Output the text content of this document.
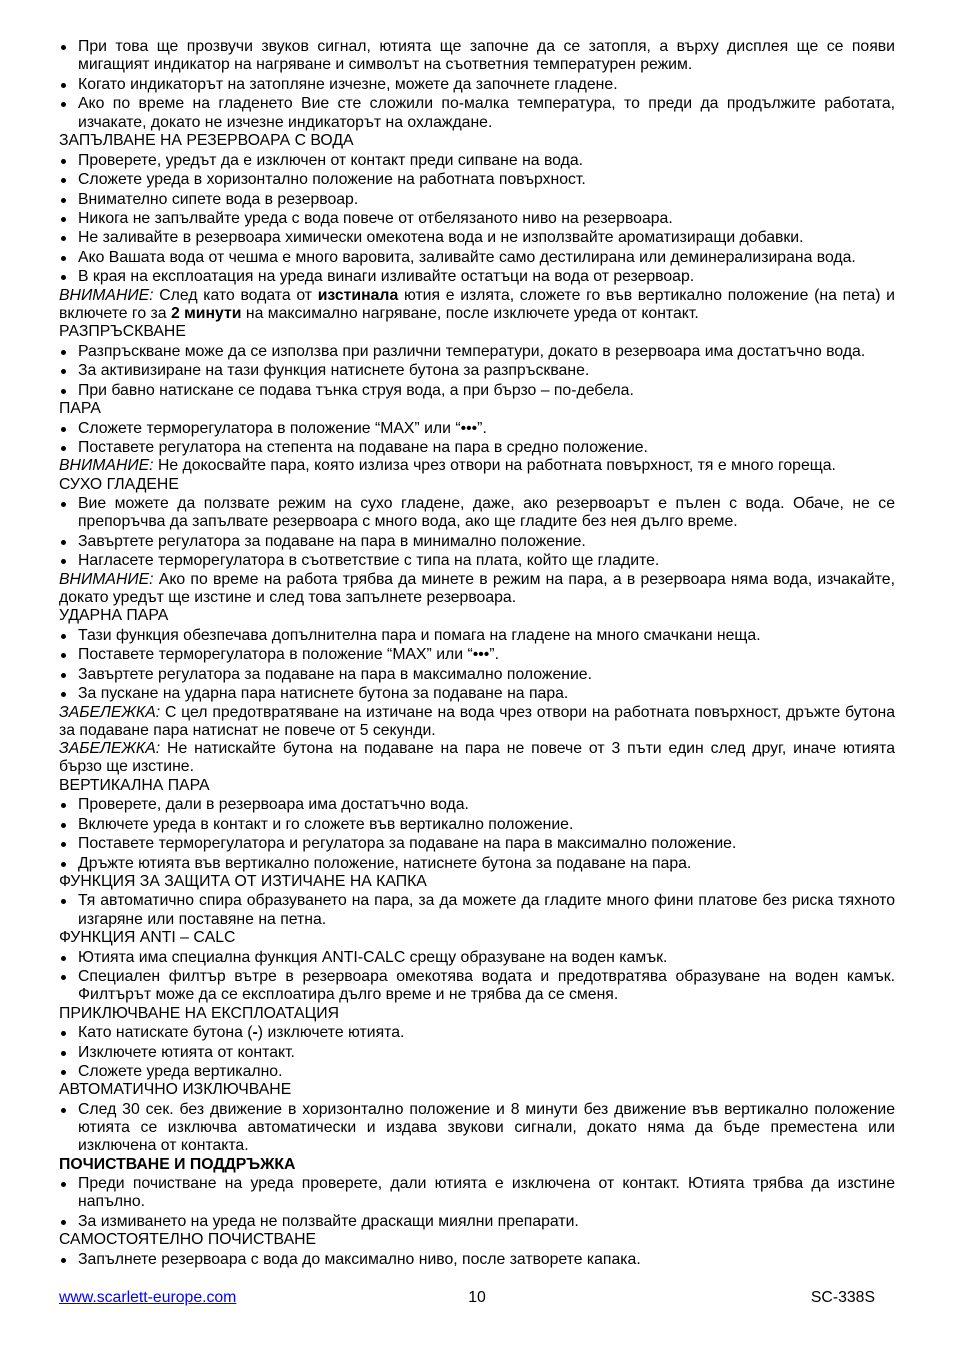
При това ще прозвучи звуков сигнал, ютията ще започне да се затопля, а върху дисплея ще се появи мигащият индикатор на нагряване и символът на съответния температурен режим.
Когато индикаторът на затопляне изчезне, можете да започнете гладене.
Ако по време на гладенето Вие сте сложили по-малка температура, то преди да продължите работата, изчакате, докато не изчезне индикаторът на охлаждане.
ЗАПЪЛВАНЕ НА РЕЗЕРВОАРА С ВОДА
Проверете, уредът да е изключен от контакт преди сипване на вода.
Сложете уреда в хоризонтално положение на работната повърхност.
Внимателно сипете вода в резервоар.
Никога не запълвайте уреда с вода повече от отбелязаното ниво на резервоара.
Не заливайте в резервоара химически омекотена вода и не използвайте ароматизиращи добавки.
Ако Вашата вода от чешма е много варовита, заливайте само дестилирана или деминерализирана вода.
В края на експлоатация на уреда винаги изливайте остатъци на вода от резервоар.

ВНИМАНИЕ: След като водата от изстинала ютия е излята, сложете го във вертикално положение (на пета) и включете го за 2 минути на максимално нагряване, после изключете уреда от контакт.

РАЗПРЪСКВАНЕ
Разпръскване може да се използва при различни температури, докато в резервоара има достатъчно вода.
За активизиране на тази функция натиснете бутона за разпръскване.
При бавно натискане се подава тънка струя вода, а при бързо – по-дебела.
ПАРА
Сложете терморегулатора в положение “MAX” или “•••”.
Поставете регулатора на степента на подаване на пара в средно положение.

ВНИМАНИЕ: Не докосвайте пара, която излиза чрез отвори на работната повърхност, тя е много гореща.

СУХО ГЛАДЕНЕ
Вие можете да ползвате режим на сухо гладене, даже, ако резервоарът е пълен с вода. Обаче, не се препоръчва да запълвате резервоара с много вода, ако ще гладите без нея дълго време.
Завъртете регулатора за подаване на пара в минимално положение.
Нагласете терморегулатора в съответствие с типа на плата, който ще гладите.

ВНИМАНИЕ: Ако по време на работа трябва да минете в режим на пара, а в резервоара няма вода, изчакайте, докато уредът ще изстине и след това запълнете резервоара.

УДАРНА ПАРА
Тази функция обезпечава допълнителна пара и помага на гладене на много смачкани неща.
Поставете терморегулатора в положение “MAX” или “•••”.
Завъртете регулатора за подаване на пара в максимално положение.
За пускане на ударна пара натиснете бутона за подаване на пара.

ЗАБЕЛЕЖКА: С цел предотвратяване на изтичане на вода чрез отвори на работната повърхност, дръжте бутона за подаване пара натиснат не повече от 5 секунди.

ЗАБЕЛЕЖКА: Не натискайте бутона на подаване на пара не повече от 3 пъти един след друг, иначе ютията бързо ще изстине.

ВЕРТИКАЛНА ПАРА
Проверете, дали в резервоара има достатъчно вода.
Включете уреда в контакт и го сложете във вертикално положение.
Поставете терморегулатора и регулатора за подаване на пара в максимално положение.
Дръжте ютията във вертикално положение, натиснете бутона за подаване на пара.
ФУНКЦИЯ ЗА ЗАЩИТА ОТ ИЗТИЧАНЕ НА КАПКА
Тя автоматично спира образуването на пара, за да можете да гладите много фини платове без риска тяхното изгаряне или поставяне на петна.
ФУНКЦИЯ ANTI – CALC
Ютията има специална функция ANTI-CALC срещу образуване на воден камък.
Специален филтър вътре в резервоара омекотява водата и предотвратява образуване на воден камък. Филтърът може да се експлоатира дълго време и не трябва да се сменя.
ПРИКЛЮЧВАНЕ НА ЕКСПЛОАТАЦИЯ
Като натискате бутона (-) изключете ютията.
Изключете ютията от контакт.
Сложете уреда вертикално.
АВТОМАТИЧНО ИЗКЛЮЧВАНЕ
След 30 сек. без движение в хоризонтално положение и 8 минути без движение във вертикално положение ютията се изключва автоматически и издава звукови сигнали, докато няма да бъде преместена или изключена от контакта.
ПОЧИСТВАНЕ И ПОДДРЪЖКА
Преди почистване на уреда проверете, дали ютията е изключена от контакт. Ютията трябва да изстине напълно.
За измиването на уреда не ползвайте драскащи миялни препарати.
САМОСТОЯТЕЛНО ПОЧИСТВАНЕ
Запълнете резервоара с вода до максимално ниво, после затворете капака.
www.scarlett-europe.com	10	SC-338S
